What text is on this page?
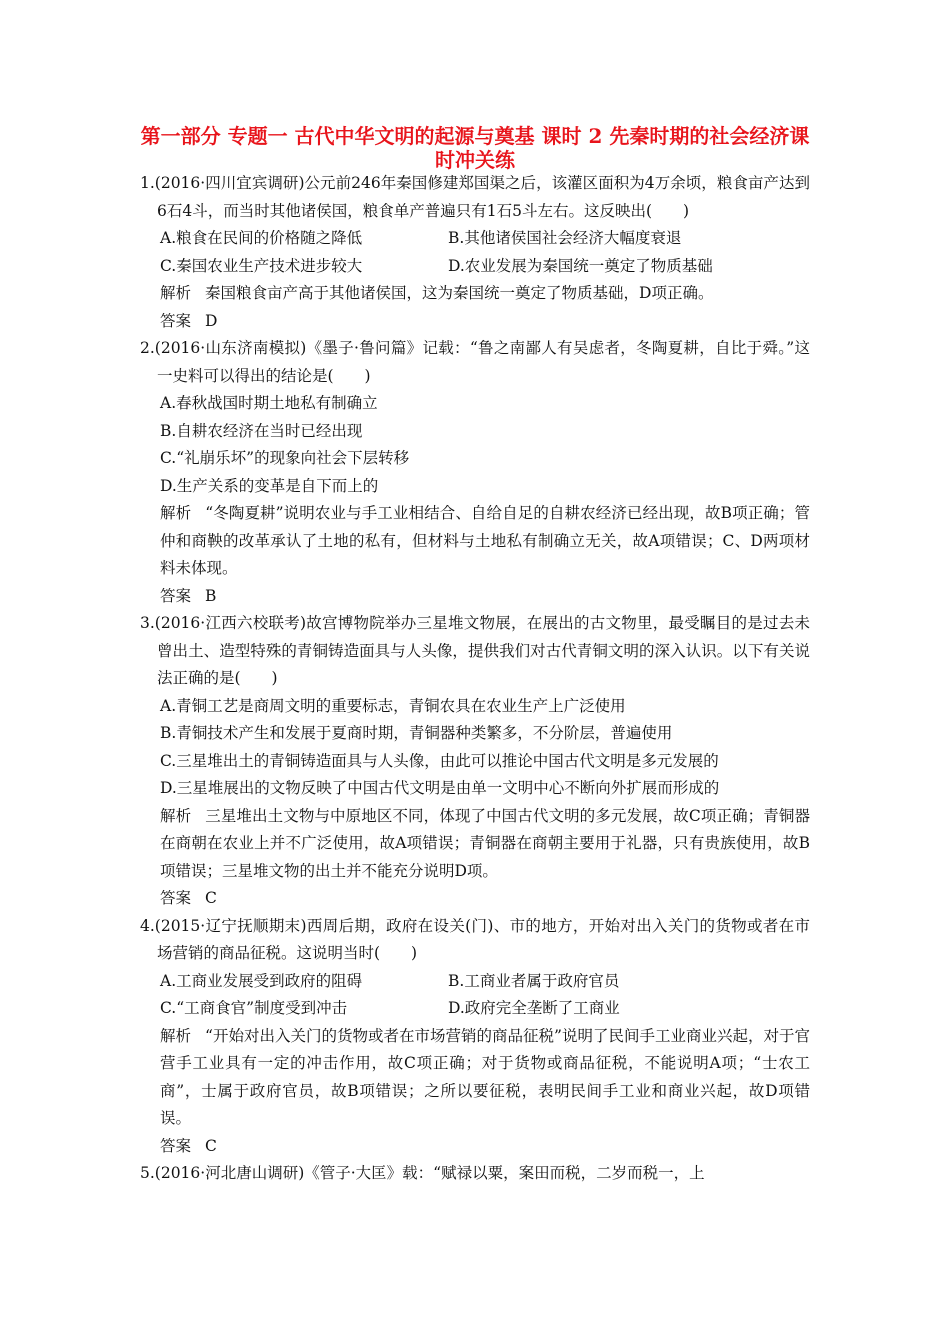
第一部分 专题一 古代中华文明的起源与奠基 课时 2 先秦时期的社会经济课时冲关练

1.(2016·四川宜宾调研)公元前246年秦国修建郑国渠之后，该灌区面积为4万余顷，粮食亩产达到6石4斗，而当时其他诸侯国，粮食单产普遍只有1石5斗左右。这反映出(　　)

A.粮食在民间的价格随之降低	B.其他诸侯国社会经济大幅度衰退
C.秦国农业生产技术进步较大	D.农业发展为秦国统一奠定了物质基础

解析 秦国粮食亩产高于其他诸侯国，这为秦国统一奠定了物质基础，D项正确。

答案 D

2.(2016·山东济南模拟)《墨子·鲁问篇》记载：“鲁之南鄙人有吴虑者，冬陶夏耕，自比于舜。”这一史料可以得出的结论是(　　)

A.春秋战国时期土地私有制确立

B.自耕农经济在当时已经出现

C.“礼崩乐坏”的现象向社会下层转移

D.生产关系的变革是自下而上的

解析 “冬陶夏耕”说明农业与手工业相结合、自给自足的自耕农经济已经出现，故B项正确；管仲和商鞅的改革承认了土地的私有，但材料与土地私有制确立无关，故A项错误；C、D两项材料未体现。

答案 B

3.(2016·江西六校联考)故宫博物院举办三星堆文物展，在展出的古文物里，最受瞩目的是过去未曾出土、造型特殊的青铜铸造面具与人头像，提供我们对古代青铜文明的深入认识。以下有关说法正确的是(　　)

A.青铜工艺是商周文明的重要标志，青铜农具在农业生产上广泛使用

B.青铜技术产生和发展于夏商时期，青铜器种类繁多，不分阶层，普遍使用

C.三星堆出土的青铜铸造面具与人头像，由此可以推论中国古代文明是多元发展的

D.三星堆展出的文物反映了中国古代文明是由单一文明中心不断向外扩展而形成的

解析 三星堆出土文物与中原地区不同，体现了中国古代文明的多元发展，故C项正确；青铜器在商朝在农业上并不广泛使用，故A项错误；青铜器在商朝主要用于礼器，只有贵族使用，故B项错误；三星堆文物的出土并不能充分说明D项。

答案 C

4.(2015·辽宁抚顺期末)西周后期，政府在设关(门)、市的地方，开始对出入关门的货物或者在市场营销的商品征税。这说明当时(　　)

A.工商业发展受到政府的阻碍	B.工商业者属于政府官员
C.“工商食官”制度受到冲击	D.政府完全垄断了工商业

解析 “开始对出入关门的货物或者在市场营销的商品征税”说明了民间手工业商业兴起，对于官营手工业具有一定的冲击作用，故C项正确；对于货物或商品征税，不能说明A项；“士农工商”，士属于政府官员，故B项错误；之所以要征税，表明民间手工业和商业兴起，故D项错误。

答案 C

5.(2016·河北唐山调研)《管子·大匡》载：“赋禄以粟，案田而税，二岁而税一，上
